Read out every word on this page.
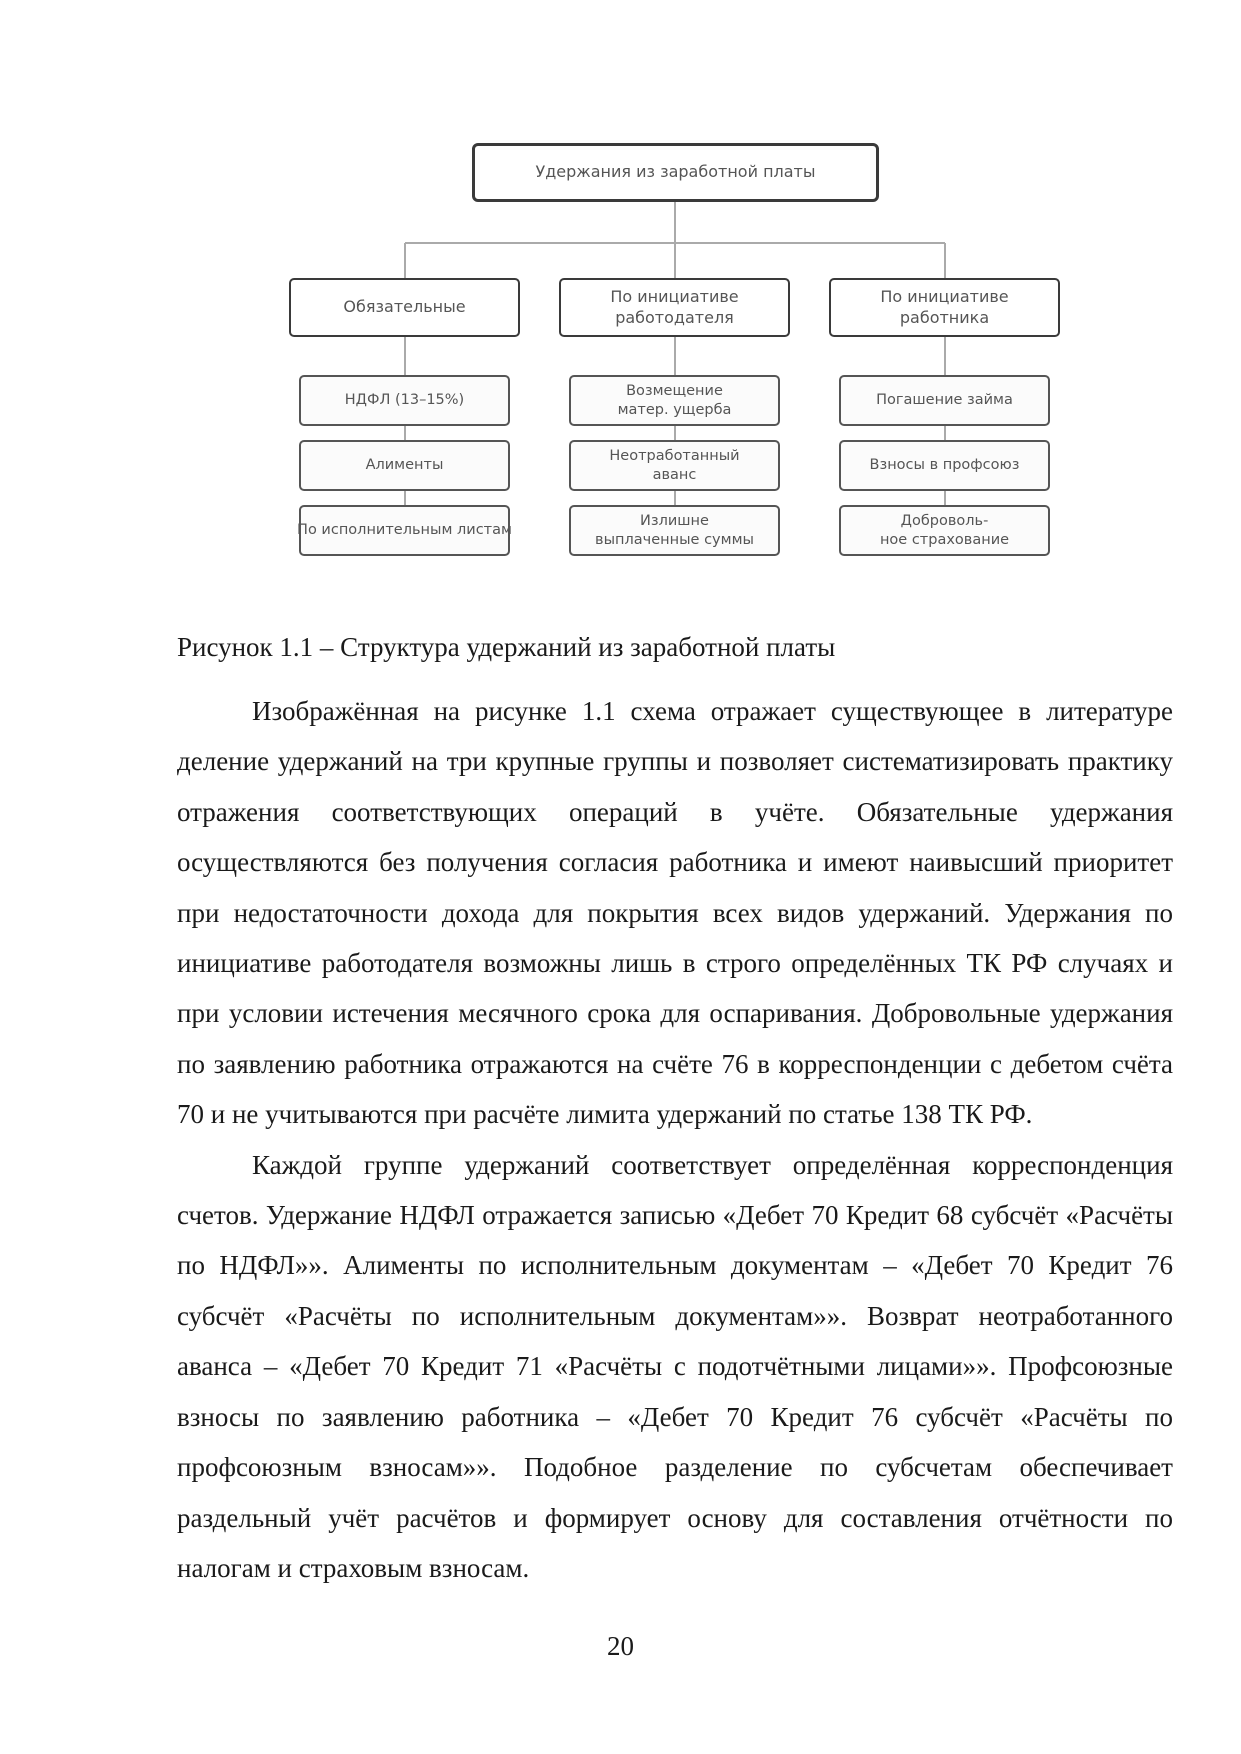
Удержания из заработной платы
Обязательные
НДФЛ (13–15%)
Алименты
По исполнительным листам
По инициативе
работодателя
Возмещение
матер. ущерба
Неотработанный
аванс
Излишне
выплаченные суммы
По инициативе
работника
Погашение займа
Взносы в профсоюз
Доброволь-
ное страхование

Рисунок 1.1 – Структура удержаний из заработной платы

Изображённая на рисунке 1.1 схема отражает существующее в литературе деление удержаний на три крупные группы и позволяет систематизировать практику отражения соответствующих операций в учёте. Обязательные удержания осуществляются без получения согласия работника и имеют наивысший приоритет при недостаточности дохода для покрытия всех видов удержаний. Удержания по инициативе работодателя возможны лишь в строго определённых ТК РФ случаях и при условии истечения месячного срока для оспаривания. Добровольные удержания по заявлению работника отражаются на счёте 76 в корреспонденции с дебетом счёта 70 и не учитываются при расчёте лимита удержаний по статье 138 ТК РФ.

Каждой группе удержаний соответствует определённая корреспонденция счетов. Удержание НДФЛ отражается записью «Дебет 70 Кредит 68 субсчёт «Расчёты по НДФЛ»». Алименты по исполнительным документам – «Дебет 70 Кредит 76 субсчёт «Расчёты по исполнительным документам»». Возврат неотработанного аванса – «Дебет 70 Кредит 71 «Расчёты с подотчётными лицами»». Профсоюзные взносы по заявлению работника – «Дебет 70 Кредит 76 субсчёт «Расчёты по профсоюзным взносам»». Подобное разделение по субсчетам обеспечивает раздельный учёт расчётов и формирует основу для составления отчётности по налогам и страховым взносам.

20
